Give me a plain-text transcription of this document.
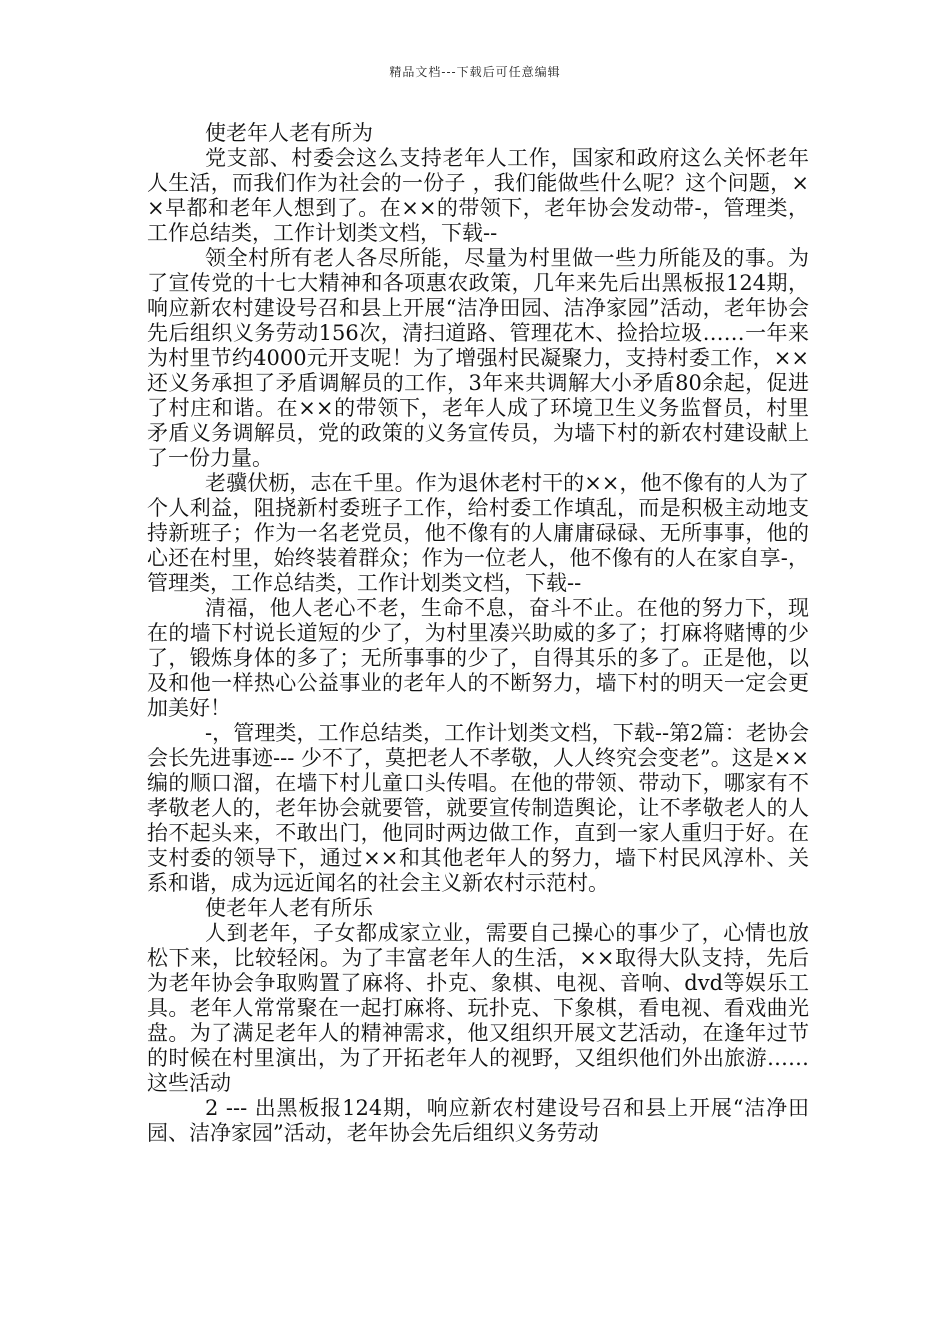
精品文档---下载后可任意编辑

使老年人老有所为

党支部、村委会这么支持老年人工作，国家和政府这么关怀老年人生活，而我们作为社会的一份子 ，我们能做些什么呢？这个问题，××早都和老年人想到了。在××的带领下，老年协会发动带-，管理类，工作总结类，工作计划类文档，下载--

领全村所有老人各尽所能，尽量为村里做一些力所能及的事。为了宣传党的十七大精神和各项惠农政策，几年来先后出黑板报124期，响应新农村建设号召和县上开展“洁净田园、洁净家园”活动，老年协会先后组织义务劳动156次，清扫道路、管理花木、捡拾垃圾……一年来为村里节约4000元开支呢！为了增强村民凝聚力，支持村委工作，××还义务承担了矛盾调解员的工作，3年来共调解大小矛盾80余起，促进了村庄和谐。在××的带领下，老年人成了环境卫生义务监督员，村里矛盾义务调解员，党的政策的义务宣传员，为墙下村的新农村建设献上了一份力量。

老骥伏枥，志在千里。作为退休老村干的××，他不像有的人为了个人利益，阻挠新村委班子工作，给村委工作填乱，而是积极主动地支持新班子；作为一名老党员，他不像有的人庸庸碌碌、无所事事，他的心还在村里，始终装着群众；作为一位老人，他不像有的人在家自享-，管理类，工作总结类，工作计划类文档，下载--

清福，他人老心不老，生命不息，奋斗不止。在他的努力下，现在的墙下村说长道短的少了，为村里凑兴助威的多了；打麻将赌博的少了，锻炼身体的多了；无所事事的少了，自得其乐的多了。正是他，以及和他一样热心公益事业的老年人的不断努力，墙下村的明天一定会更加美好！

-，管理类，工作总结类，工作计划类文档，下载--第2篇：老协会会长先进事迹--- 少不了，莫把老人不孝敬，人人终究会变老”。这是××编的顺口溜，在墙下村儿童口头传唱。在他的带领、带动下，哪家有不孝敬老人的，老年协会就要管，就要宣传制造舆论，让不孝敬老人的人抬不起头来，不敢出门，他同时两边做工作，直到一家人重归于好。在支村委的领导下，通过××和其他老年人的努力，墙下村民风淳朴、关系和谐，成为远近闻名的社会主义新农村示范村。

使老年人老有所乐

人到老年，子女都成家立业，需要自己操心的事少了，心情也放松下来，比较轻闲。为了丰富老年人的生活，××取得大队支持，先后为老年协会争取购置了麻将、扑克、象棋、电视、音响、dvd等娱乐工具。老年人常常聚在一起打麻将、玩扑克、下象棋，看电视、看戏曲光盘。为了满足老年人的精神需求，他又组织开展文艺活动，在逢年过节的时候在村里演出，为了开拓老年人的视野，又组织他们外出旅游……这些活动

2 --- 出黑板报124期，响应新农村建设号召和县上开展“洁净田园、洁净家园”活动，老年协会先后组织义务劳动
